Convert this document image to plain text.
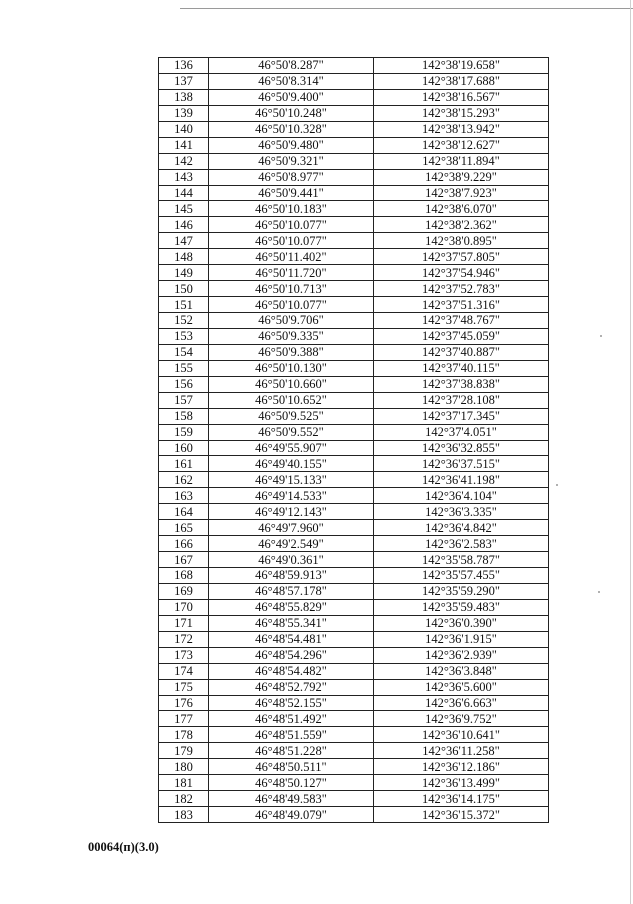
136	46°50'8.287"	142°38'19.658"
137	46°50'8.314"	142°38'17.688"
138	46°50'9.400"	142°38'16.567"
139	46°50'10.248"	142°38'15.293"
140	46°50'10.328"	142°38'13.942"
141	46°50'9.480"	142°38'12.627"
142	46°50'9.321"	142°38'11.894"
143	46°50'8.977"	142°38'9.229"
144	46°50'9.441"	142°38'7.923"
145	46°50'10.183"	142°38'6.070"
146	46°50'10.077"	142°38'2.362"
147	46°50'10.077"	142°38'0.895"
148	46°50'11.402"	142°37'57.805"
149	46°50'11.720"	142°37'54.946"
150	46°50'10.713"	142°37'52.783"
151	46°50'10.077"	142°37'51.316"
152	46°50'9.706"	142°37'48.767"
153	46°50'9.335"	142°37'45.059"
154	46°50'9.388"	142°37'40.887"
155	46°50'10.130"	142°37'40.115"
156	46°50'10.660"	142°37'38.838"
157	46°50'10.652"	142°37'28.108"
158	46°50'9.525"	142°37'17.345"
159	46°50'9.552"	142°37'4.051"
160	46°49'55.907"	142°36'32.855"
161	46°49'40.155"	142°36'37.515"
162	46°49'15.133"	142°36'41.198"
163	46°49'14.533"	142°36'4.104"
164	46°49'12.143"	142°36'3.335"
165	46°49'7.960"	142°36'4.842"
166	46°49'2.549"	142°36'2.583"
167	46°49'0.361"	142°35'58.787"
168	46°48'59.913"	142°35'57.455"
169	46°48'57.178"	142°35'59.290"
170	46°48'55.829"	142°35'59.483"
171	46°48'55.341"	142°36'0.390"
172	46°48'54.481"	142°36'1.915"
173	46°48'54.296"	142°36'2.939"
174	46°48'54.482"	142°36'3.848"
175	46°48'52.792"	142°36'5.600"
176	46°48'52.155"	142°36'6.663"
177	46°48'51.492"	142°36'9.752"
178	46°48'51.559"	142°36'10.641"
179	46°48'51.228"	142°36'11.258"
180	46°48'50.511"	142°36'12.186"
181	46°48'50.127"	142°36'13.499"
182	46°48'49.583"	142°36'14.175"
183	46°48'49.079"	142°36'15.372"
00064(п)(3.0)
